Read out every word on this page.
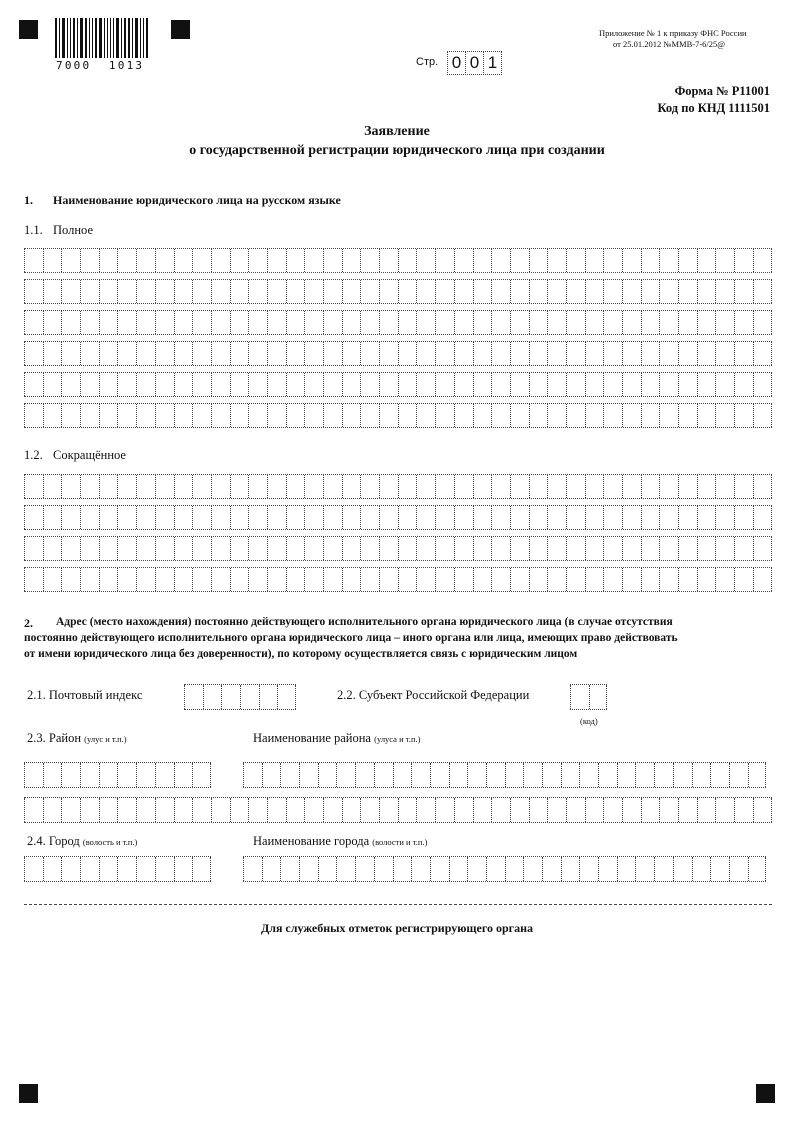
7000  1013	Стр. 0 0 1
Приложение № 1 к приказу ФНС России
от 25.01.2012 №ММВ-7-6/25@
Форма № Р11001
Код по КНД 1111501
Заявление
о государственной регистрации юридического лица при создании
1. Наименование юридического лица на русском языке
1.1. Полное
1.2. Сокращённое
2. Адрес (место нахождения) постоянно действующего исполнительного органа юридического лица (в случае отсутствия
постоянно действующего исполнительного органа юридического лица – иного органа или лица, имеющих право действовать
от имени юридического лица без доверенности), по которому осуществляется связь с юридическим лицом
2.1. Почтовый индекс	2.2. Субъект Российской Федерации
(код)
2.3. Район (улус и т.п.)	Наименование района (улуса и т.п.)
2.4. Город (волость и т.п.)	Наименование города (волости и т.п.)
Для служебных отметок регистрирующего органа
